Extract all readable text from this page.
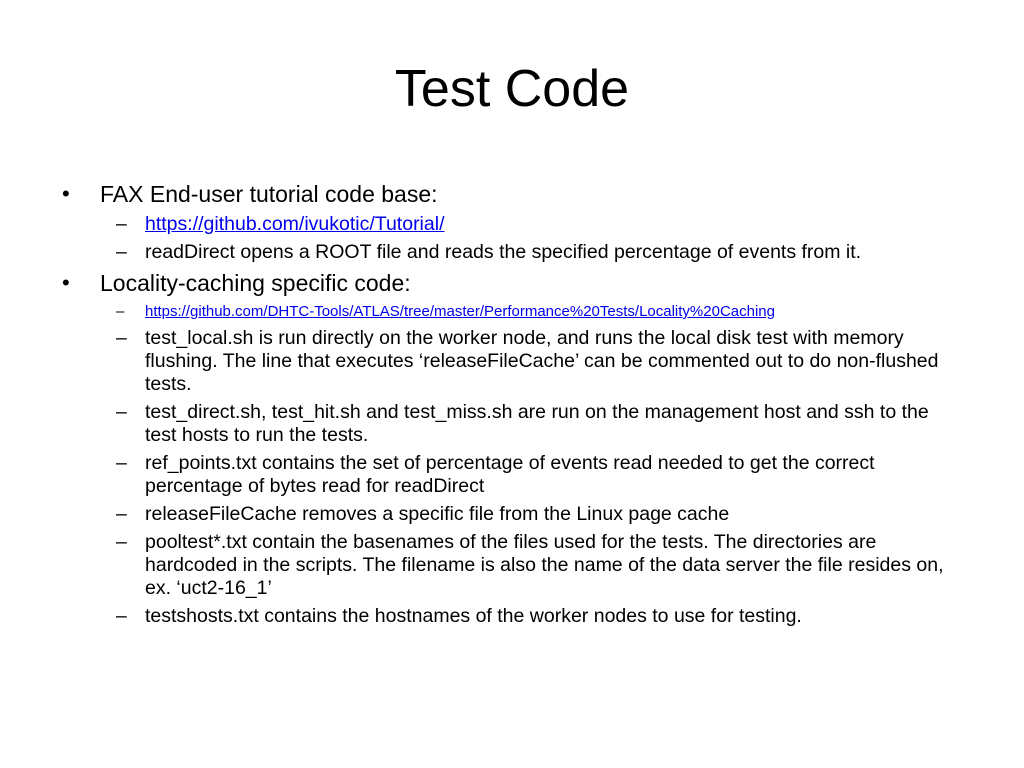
Test Code
• FAX End-user tutorial code base:
– https://github.com/ivukotic/Tutorial/
– readDirect opens a ROOT file and reads the specified percentage of events from it.
• Locality-caching specific code:
– https://github.com/DHTC-Tools/ATLAS/tree/master/Performance%20Tests/Locality%20Caching
– test_local.sh is run directly on the worker node, and runs the local disk test with memory flushing. The line that executes ‘releaseFileCache’ can be commented out to do non-flushed tests.
– test_direct.sh, test_hit.sh and test_miss.sh are run on the management host and ssh to the test hosts to run the tests.
– ref_points.txt contains the set of percentage of events read needed to get the correct percentage of bytes read for readDirect
– releaseFileCache removes a specific file from the Linux page cache
– pooltest*.txt contain the basenames of the files used for the tests. The directories are hardcoded in the scripts. The filename is also the name of the data server the file resides on, ex. ‘uct2-16_1’
– testshosts.txt contains the hostnames of the worker nodes to use for testing.
